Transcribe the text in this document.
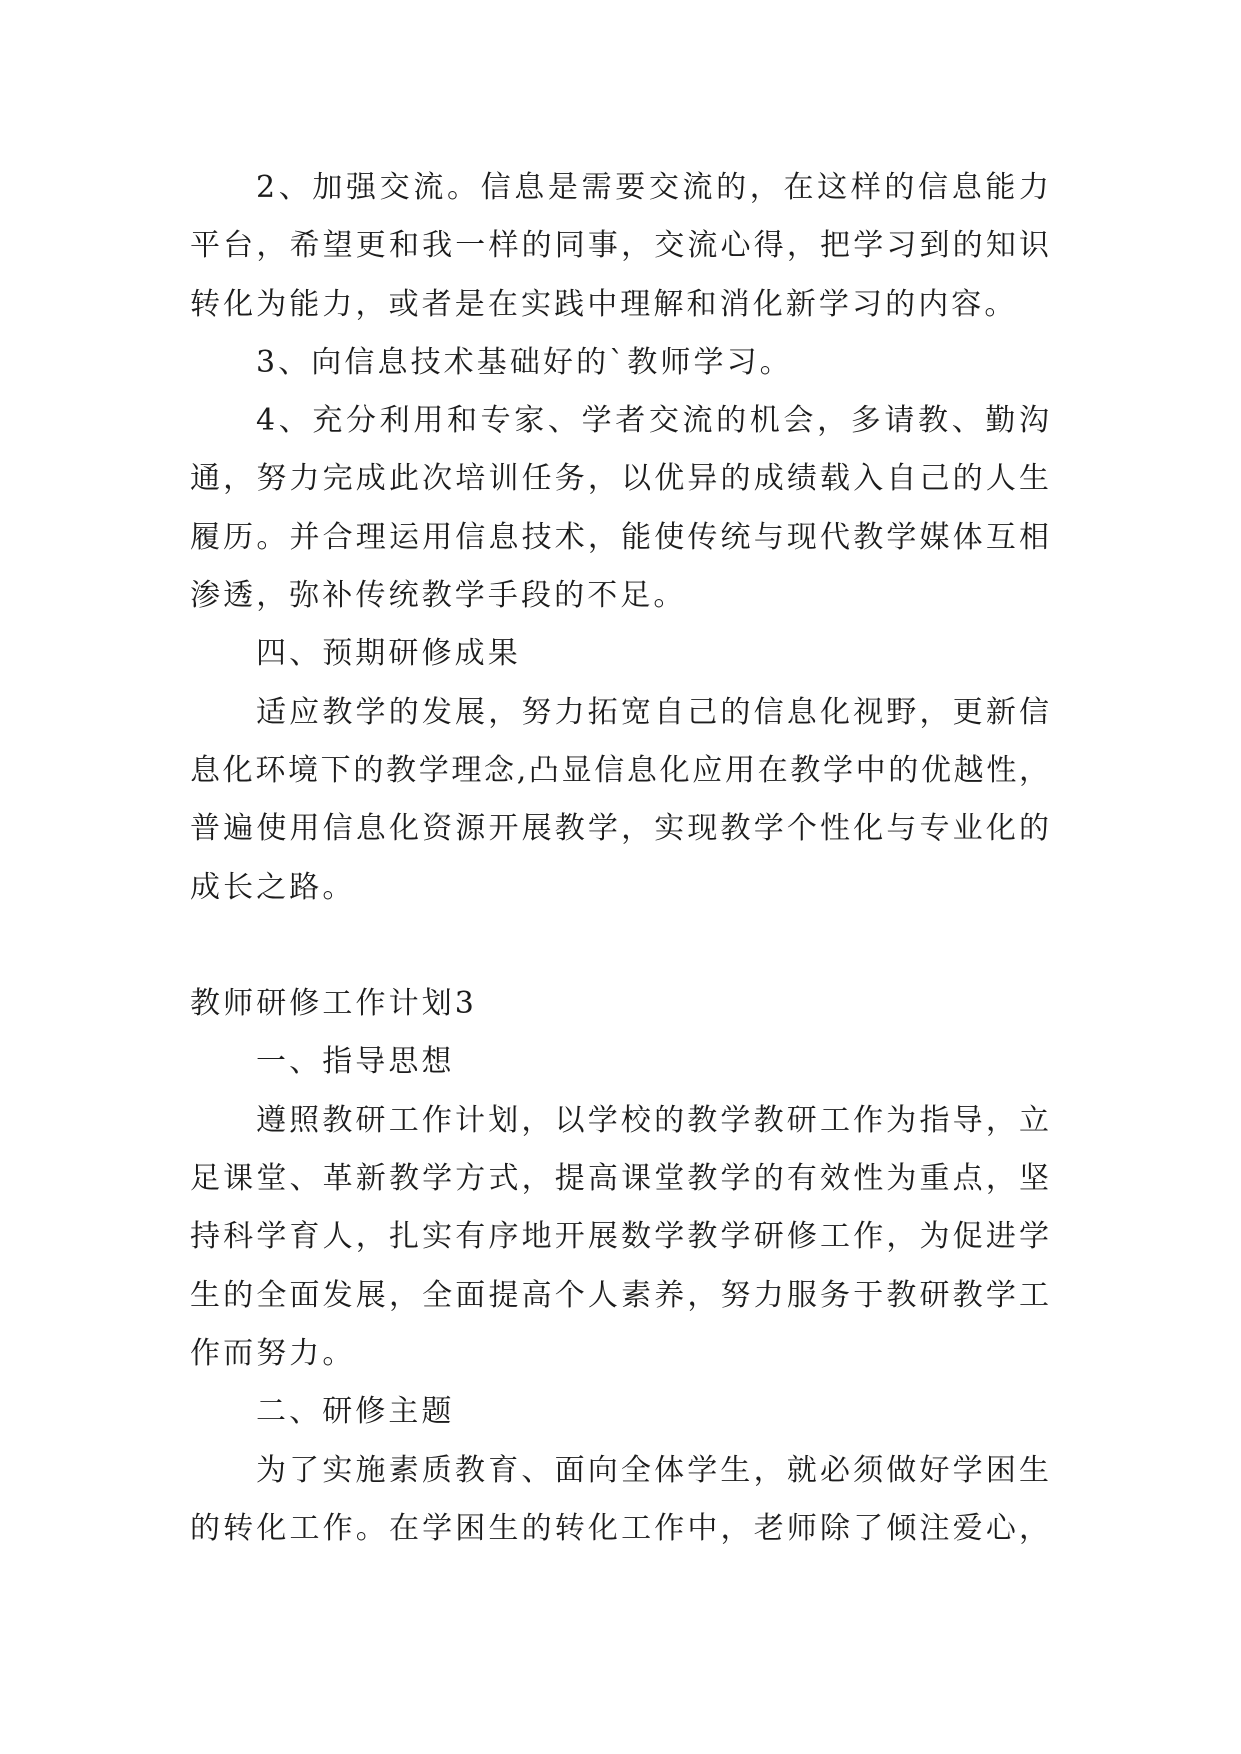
2、加强交流。信息是需要交流的，在这样的信息能力
平台，希望更和我一样的同事，交流心得，把学习到的知识
转化为能力，或者是在实践中理解和消化新学习的内容。
3、向信息技术基础好的`教师学习。
4、充分利用和专家、学者交流的机会，多请教、勤沟
通，努力完成此次培训任务，以优异的成绩载入自己的人生
履历。并合理运用信息技术，能使传统与现代教学媒体互相
渗透，弥补传统教学手段的不足。
四、预期研修成果
适应教学的发展，努力拓宽自己的信息化视野，更新信
息化环境下的教学理念,凸显信息化应用在教学中的优越性，
普遍使用信息化资源开展教学，实现教学个性化与专业化的
成长之路。
教师研修工作计划3
一、指导思想
遵照教研工作计划，以学校的教学教研工作为指导，立
足课堂、革新教学方式，提高课堂教学的有效性为重点，坚
持科学育人，扎实有序地开展数学教学研修工作，为促进学
生的全面发展，全面提高个人素养，努力服务于教研教学工
作而努力。
二、研修主题
为了实施素质教育、面向全体学生，就必须做好学困生
的转化工作。在学困生的转化工作中，老师除了倾注爱心，
